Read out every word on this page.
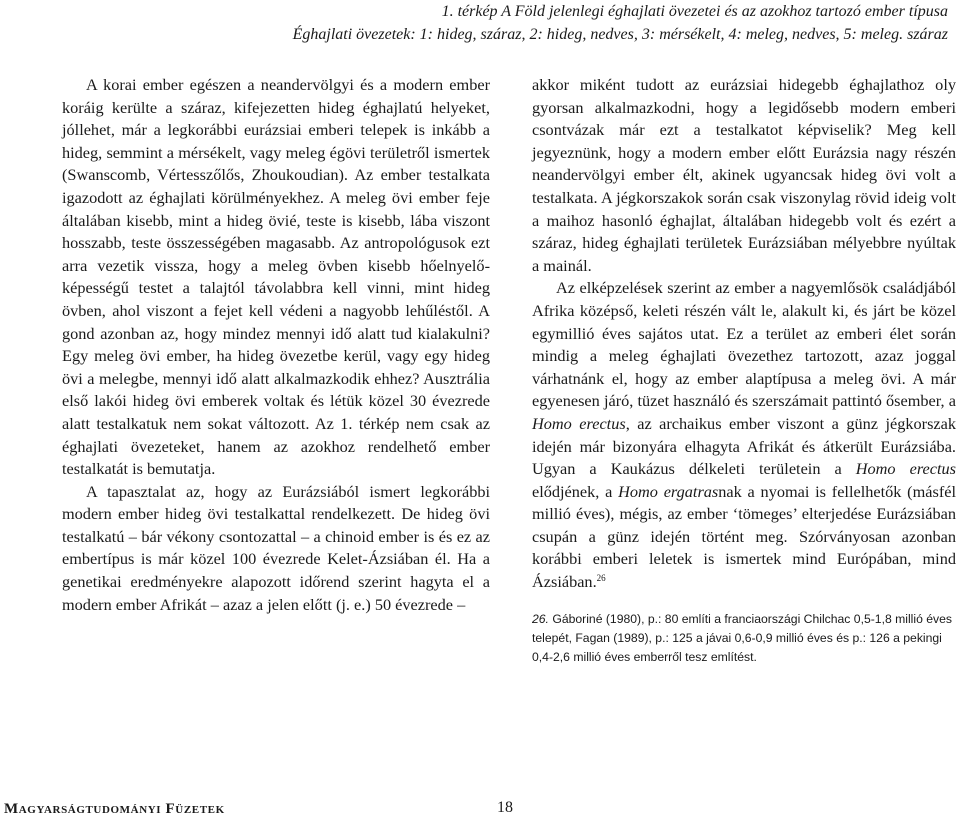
1. térkép A Föld jelenlegi éghajlati övezetei és az azokhoz tartozó ember típusa
Éghajlati övezetek: 1: hideg, száraz, 2: hideg, nedves, 3: mérsékelt, 4: meleg, nedves, 5: meleg. száraz

A korai ember egészen a neandervölgyi és a modern ember koráig kerülte a száraz, kifejezetten hideg éghajlatú helyeket, jóllehet, már a legkorábbi eurázsiai emberi telepek is inkább a hideg, semmint a mérsékelt, vagy meleg égövi területről ismertek (Swanscomb, Vértesszőlős, Zhoukoudian). Az ember testalkata igazodott az éghajlati körülményekhez. A meleg övi ember feje általában kisebb, mint a hideg övié, teste is kisebb, lába viszont hosszabb, teste összességében magasabb. Az antropológusok ezt arra vezetik vissza, hogy a meleg övben kisebb hőelnyelő-képességű testet a talajtól távolabbra kell vinni, mint hideg övben, ahol viszont a fejet kell védeni a nagyobb lehűléstől. A gond azonban az, hogy mindez mennyi idő alatt tud kialakulni? Egy meleg övi ember, ha hideg övezetbe kerül, vagy egy hideg övi a melegbe, mennyi idő alatt alkalmazkodik ehhez? Ausztrália első lakói hideg övi emberek voltak és létük közel 30 évezrede alatt testalkatuk nem sokat változott. Az 1. térkép nem csak az éghajlati övezeteket, hanem az azokhoz rendelhető ember testalkatát is bemutatja.

A tapasztalat az, hogy az Eurázsiából ismert legkorábbi modern ember hideg övi testalkattal rendelkezett. De hideg övi testalkatú – bár vékony csontozattal – a chinoid ember is és ez az embertípus is már közel 100 évezrede Kelet-Ázsiában él. Ha a genetikai eredményekre alapozott időrend szerint hagyta el a modern ember Afrikát – azaz a jelen előtt (j. e.) 50 évezrede –

akkor miként tudott az eurázsiai hidegebb éghajlathoz oly gyorsan alkalmazkodni, hogy a legidősebb modern emberi csontvázak már ezt a testalkatot képviselik? Meg kell jegyeznünk, hogy a modern ember előtt Eurázsia nagy részén neandervölgyi ember élt, akinek ugyancsak hideg övi volt a testalkata. A jégkorszakok során csak viszonylag rövid ideig volt a maihoz hasonló éghajlat, általában hidegebb volt és ezért a száraz, hideg éghajlati területek Eurázsiában mélyebbre nyúltak a mainál.

Az elképzelések szerint az ember a nagyemlősök családjából Afrika középső, keleti részén vált le, alakult ki, és járt be közel egymillió éves sajátos utat. Ez a terület az emberi élet során mindig a meleg éghajlati övezethez tartozott, azaz joggal várhatnánk el, hogy az ember alaptípusa a meleg övi. A már egyenesen járó, tüzet használó és szerszámait pattintó ősember, a Homo erectus, az archaikus ember viszont a günz jégkorszak idején már bizonyára elhagyta Afrikát és átkerült Eurázsiába. Ugyan a Kaukázus délkeleti területein a Homo erectus elődjének, a Homo ergatrasnak a nyomai is fellelhetők (másfél millió éves), mégis, az ember ‘tömeges’ elterjedése Eurázsiában csupán a günz idején történt meg. Szórványosan azonban korábbi emberi leletek is ismertek mind Európában, mind Ázsiában.$^{26}$

26. Gáboriné (1980), p.: 80 említi a franciaországi Chilchac 0,5-1,8 millió éves telepét, Fagan (1989), p.: 125 a jávai 0,6-0,9 millió éves és p.: 126 a pekingi 0,4-2,6 millió éves emberről tesz említést.
Magyarságtudományi Füzetek	18
